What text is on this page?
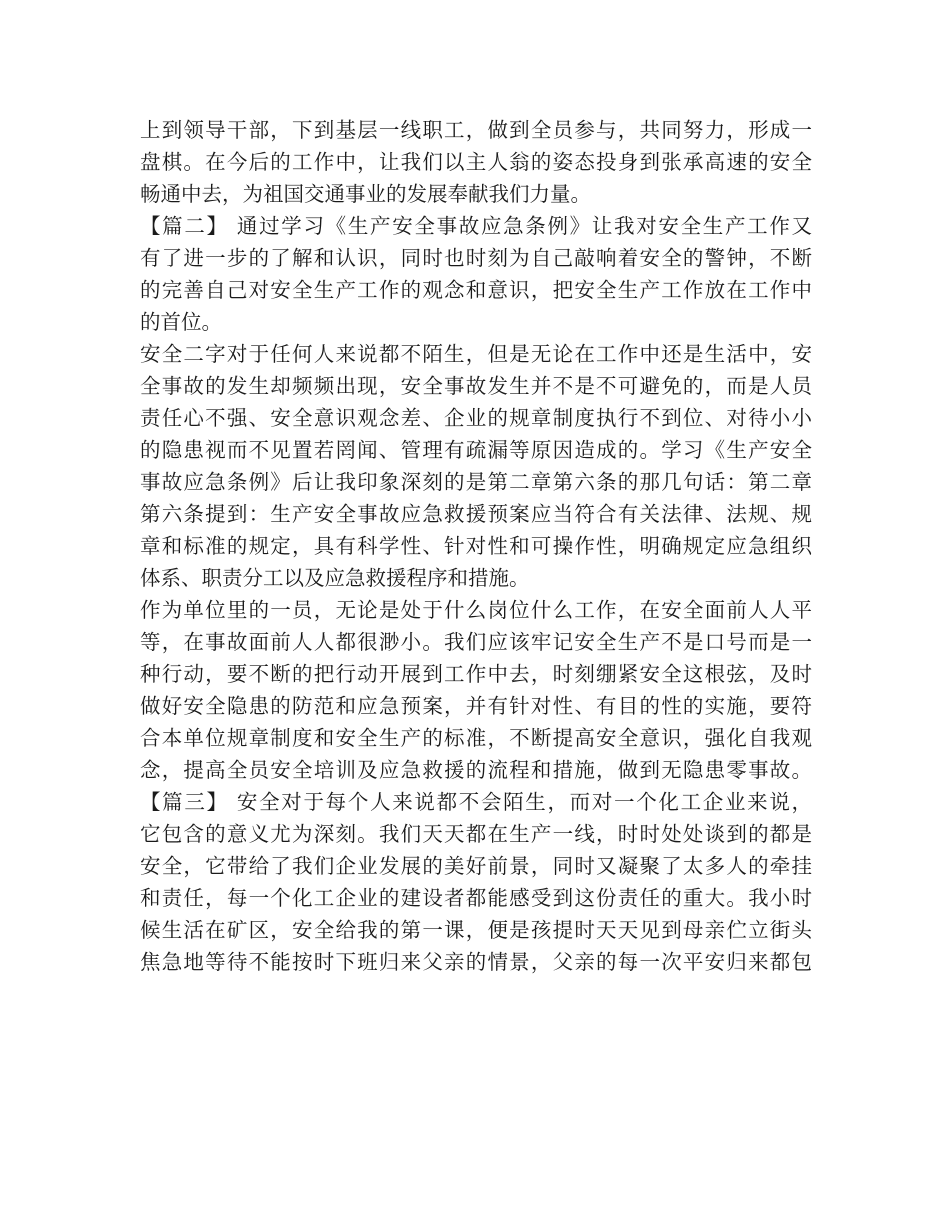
上到领导干部，下到基层一线职工，做到全员参与，共同努力，形成一
盘棋。在今后的工作中，让我们以主人翁的姿态投身到张承高速的安全
畅通中去，为祖国交通事业的发展奉献我们力量。
【篇二】 通过学习《生产安全事故应急条例》让我对安全生产工作又
有了进一步的了解和认识，同时也时刻为自己敲响着安全的警钟，不断
的完善自己对安全生产工作的观念和意识，把安全生产工作放在工作中
的首位。
安全二字对于任何人来说都不陌生，但是无论在工作中还是生活中，安
全事故的发生却频频出现，安全事故发生并不是不可避免的，而是人员
责任心不强、安全意识观念差、企业的规章制度执行不到位、对待小小
的隐患视而不见置若罔闻、管理有疏漏等原因造成的。学习《生产安全
事故应急条例》后让我印象深刻的是第二章第六条的那几句话：第二章
第六条提到：生产安全事故应急救援预案应当符合有关法律、法规、规
章和标准的规定，具有科学性、针对性和可操作性，明确规定应急组织
体系、职责分工以及应急救援程序和措施。
作为单位里的一员，无论是处于什么岗位什么工作，在安全面前人人平
等，在事故面前人人都很渺小。我们应该牢记安全生产不是口号而是一
种行动，要不断的把行动开展到工作中去，时刻绷紧安全这根弦，及时
做好安全隐患的防范和应急预案，并有针对性、有目的性的实施，要符
合本单位规章制度和安全生产的标准，不断提高安全意识，强化自我观
念，提高全员安全培训及应急救援的流程和措施，做到无隐患零事故。
【篇三】 安全对于每个人来说都不会陌生，而对一个化工企业来说，
它包含的意义尤为深刻。我们天天都在生产一线，时时处处谈到的都是
安全，它带给了我们企业发展的美好前景，同时又凝聚了太多人的牵挂
和责任，每一个化工企业的建设者都能感受到这份责任的重大。我小时
候生活在矿区，安全给我的第一课，便是孩提时天天见到母亲伫立街头
焦急地等待不能按时下班归来父亲的情景，父亲的每一次平安归来都包
